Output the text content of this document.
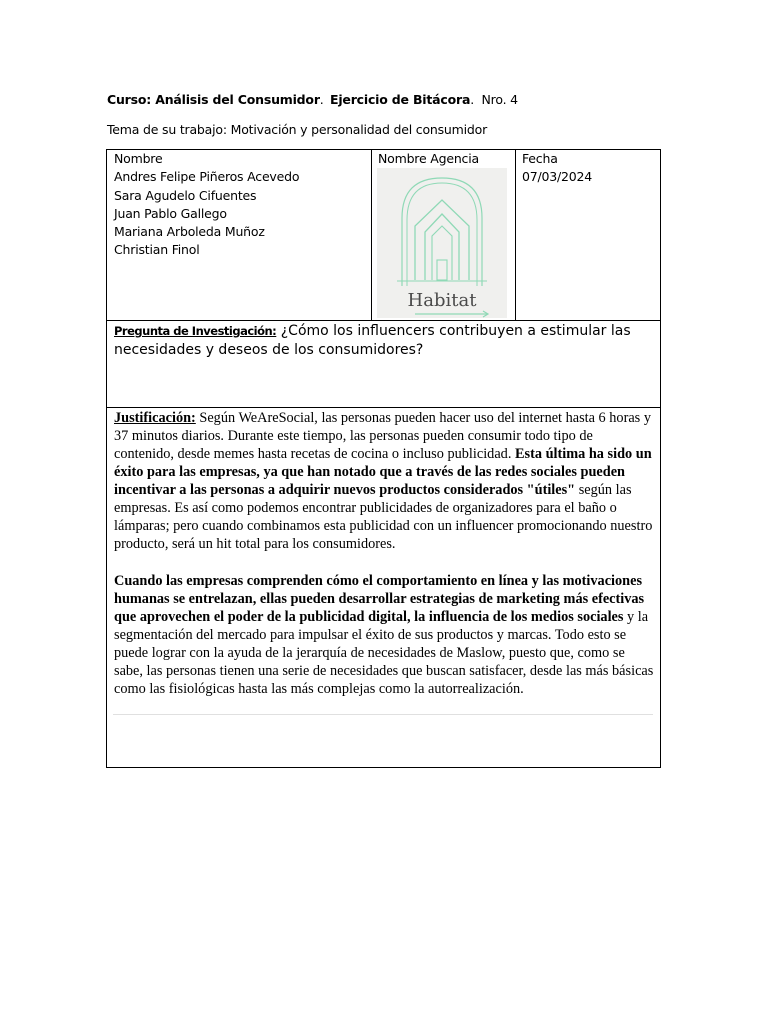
Curso: Análisis del Consumidor. Ejercicio de Bitácora. Nro. 4
Tema de su trabajo: Motivación y personalidad del consumidor
Nombre
Andres Felipe Piñeros Acevedo
Sara Agudelo Cifuentes
Juan Pablo Gallego
Mariana Arboleda Muñoz
Christian Finol
Nombre Agencia
Habitat
Fecha
07/03/2024
Pregunta de Investigación: ¿Cómo los influencers contribuyen a estimular las necesidades y deseos de los consumidores?

Justificación: Según WeAreSocial, las personas pueden hacer uso del internet hasta 6 horas y 37 minutos diarios. Durante este tiempo, las personas pueden consumir todo tipo de contenido, desde memes hasta recetas de cocina o incluso publicidad. Esta última ha sido un éxito para las empresas, ya que han notado que a través de las redes sociales pueden incentivar a las personas a adquirir nuevos productos considerados "útiles" según las empresas. Es así como podemos encontrar publicidades de organizadores para el baño o lámparas; pero cuando combinamos esta publicidad con un influencer promocionando nuestro producto, será un hit total para los consumidores.

Cuando las empresas comprenden cómo el comportamiento en línea y las motivaciones humanas se entrelazan, ellas pueden desarrollar estrategias de marketing más efectivas que aprovechen el poder de la publicidad digital, la influencia de los medios sociales y la segmentación del mercado para impulsar el éxito de sus productos y marcas. Todo esto se puede lograr con la ayuda de la jerarquía de necesidades de Maslow, puesto que, como se sabe, las personas tienen una serie de necesidades que buscan satisfacer, desde las más básicas como las fisiológicas hasta las más complejas como la autorrealización.
